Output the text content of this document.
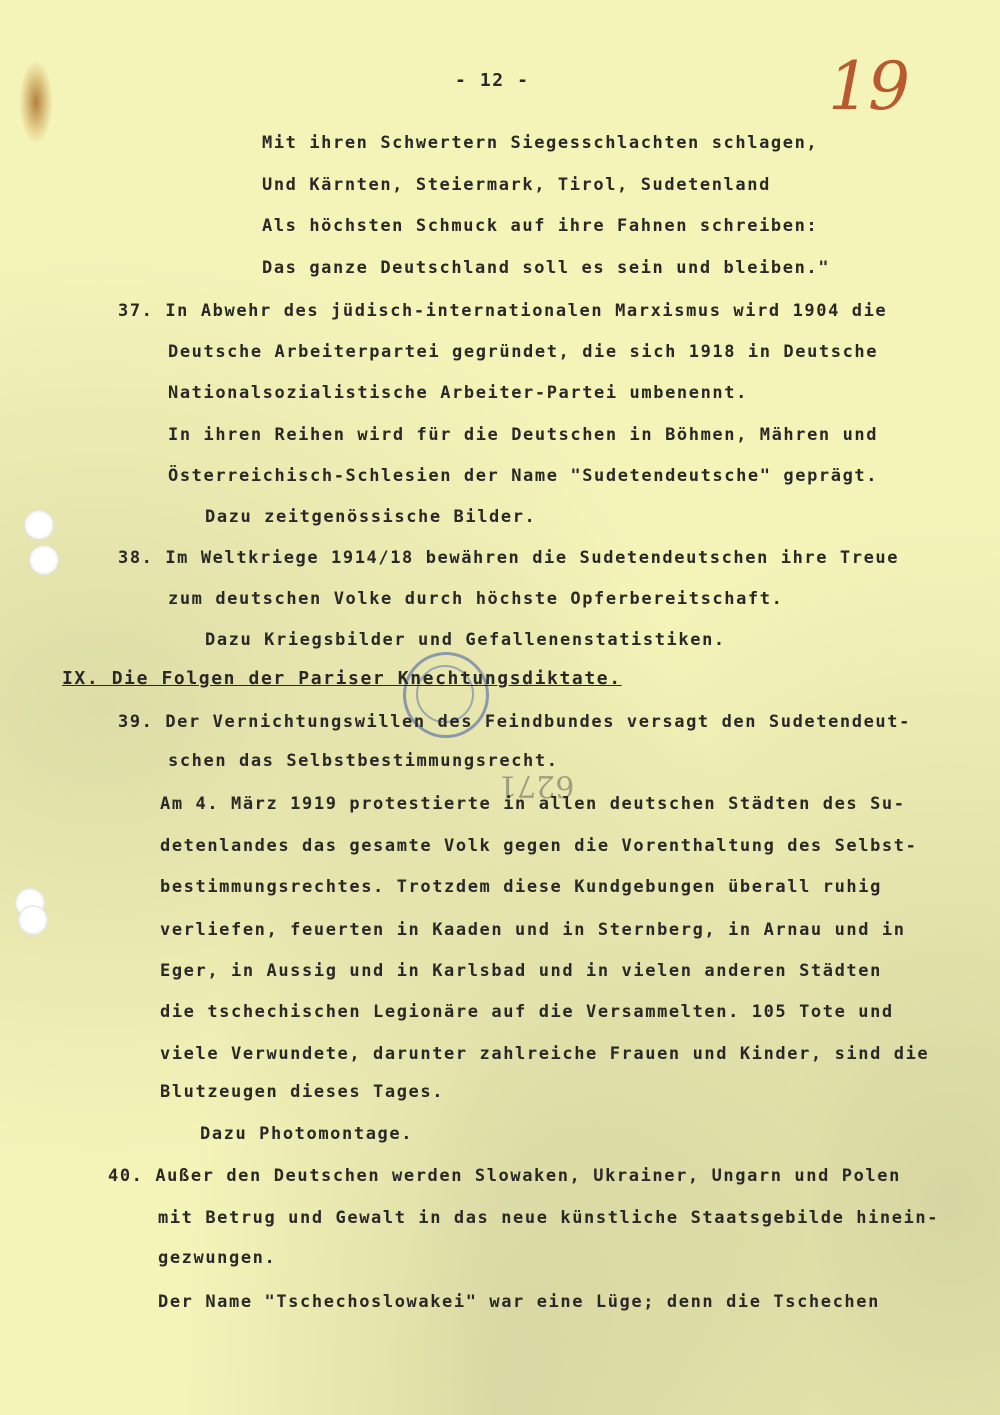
- 12 -	19
6271
Mit ihren Schwertern Siegesschlachten schlagen,
Und Kärnten, Steiermark, Tirol, Sudetenland
Als höchsten Schmuck auf ihre Fahnen schreiben:
Das ganze Deutschland soll es sein und bleiben."
37. In Abwehr des jüdisch-internationalen Marxismus wird 1904 die
Deutsche Arbeiterpartei gegründet, die sich 1918 in Deutsche
Nationalsozialistische Arbeiter-Partei umbenennt.
In ihren Reihen wird für die Deutschen in Böhmen, Mähren und
Österreichisch-Schlesien der Name "Sudetendeutsche" geprägt.
Dazu zeitgenössische Bilder.
38. Im Weltkriege 1914/18 bewähren die Sudetendeutschen ihre Treue
zum deutschen Volke durch höchste Opferbereitschaft.
Dazu Kriegsbilder und Gefallenenstatistiken.
IX. Die Folgen der Pariser Knechtungsdiktate.
39. Der Vernichtungswillen des Feindbundes versagt den Sudetendeut-
schen das Selbstbestimmungsrecht.
Am 4. März 1919 protestierte in allen deutschen Städten des Su-
detenlandes das gesamte Volk gegen die Vorenthaltung des Selbst-
bestimmungsrechtes. Trotzdem diese Kundgebungen überall ruhig
verliefen, feuerten in Kaaden und in Sternberg, in Arnau und in
Eger, in Aussig und in Karlsbad und in vielen anderen Städten
die tschechischen Legionäre auf die Versammelten. 105 Tote und
viele Verwundete, darunter zahlreiche Frauen und Kinder, sind die
Blutzeugen dieses Tages.
Dazu Photomontage.
40. Außer den Deutschen werden Slowaken, Ukrainer, Ungarn und Polen
mit Betrug und Gewalt in das neue künstliche Staatsgebilde hinein-
gezwungen.
Der Name "Tschechoslowakei" war eine Lüge; denn die Tschechen
